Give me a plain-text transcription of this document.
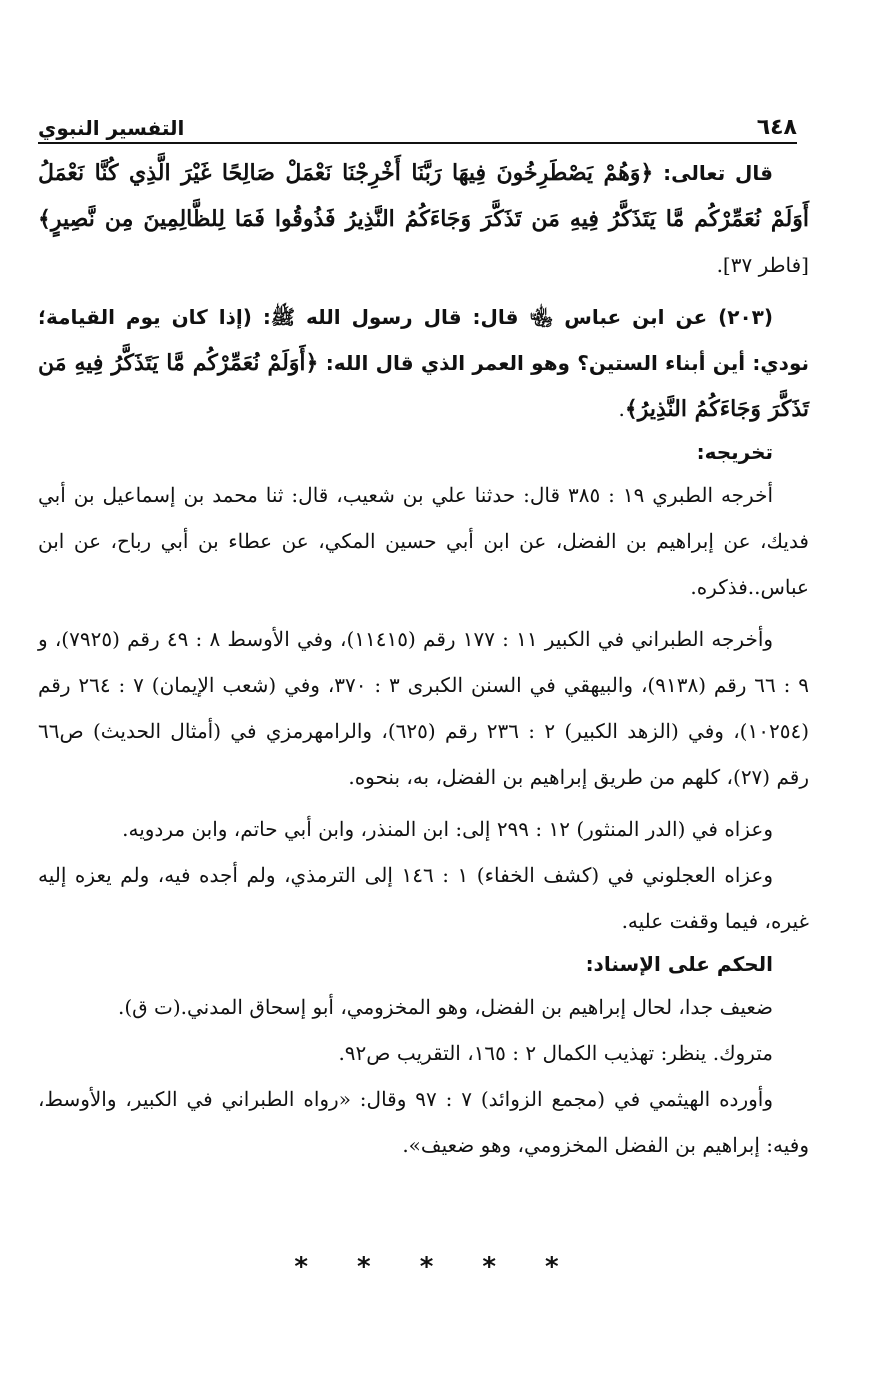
٦٤٨
التفسير النبوي

قال تعالى: ﴿وَهُمْ يَصْطَرِخُونَ فِيهَا رَبَّنَا أَخْرِجْنَا نَعْمَلْ صَالِحًا غَيْرَ الَّذِي كُنَّا نَعْمَلُ أَوَلَمْ نُعَمِّرْكُم مَّا يَتَذَكَّرُ فِيهِ مَن تَذَكَّرَ وَجَاءَكُمُ النَّذِيرُ فَذُوقُوا فَمَا لِلظَّالِمِينَ مِن نَّصِيرٍ﴾ [فاطر ٣٧].

(٢٠٣) عن ابن عباس ﵄ قال: قال رسول الله ﷺ: (إذا كان يوم القيامة؛ نودي: أين أبناء الستين؟ وهو العمر الذي قال الله: ﴿أَوَلَمْ نُعَمِّرْكُم مَّا يَتَذَكَّرُ فِيهِ مَن تَذَكَّرَ وَجَاءَكُمُ النَّذِيرُ﴾.

تخريجه:

أخرجه الطبري ١٩ : ٣٨٥ قال: حدثنا علي بن شعيب، قال: ثنا محمد بن إسماعيل بن أبي فديك، عن إبراهيم بن الفضل، عن ابن أبي حسين المكي، عن عطاء بن أبي رباح، عن ابن عباس..فذكره.

وأخرجه الطبراني في الكبير ١١ : ١٧٧ رقم (١١٤١٥)، وفي الأوسط ٨ : ٤٩ رقم (٧٩٢٥)، و ٩ : ٦٦ رقم (٩١٣٨)، والبيهقي في السنن الكبرى ٣ : ٣٧٠، وفي (شعب الإيمان) ٧ : ٢٦٤ رقم (١٠٢٥٤)، وفي (الزهد الكبير) ٢ : ٢٣٦ رقم (٦٢٥)، والرامهرمزي في (أمثال الحديث) ص٦٦ رقم (٢٧)، كلهم من طريق إبراهيم بن الفضل، به، بنحوه.

وعزاه في (الدر المنثور) ١٢ : ٢٩٩ إلى: ابن المنذر، وابن أبي حاتم، وابن مردويه.

وعزاه العجلوني في (كشف الخفاء) ١ : ١٤٦ إلى الترمذي، ولم أجده فيه، ولم يعزه إليه غيره، فيما وقفت عليه.

الحكم على الإسناد:

ضعيف جدا، لحال إبراهيم بن الفضل، وهو المخزومي، أبو إسحاق المدني.(ت ق).

متروك. ينظر: تهذيب الكمال ٢ : ١٦٥، التقريب ص٩٢.

وأورده الهيثمي في (مجمع الزوائد) ٧ : ٩٧ وقال: «رواه الطبراني في الكبير، والأوسط، وفيه: إبراهيم بن الفضل المخزومي، وهو ضعيف».

* * * * *
